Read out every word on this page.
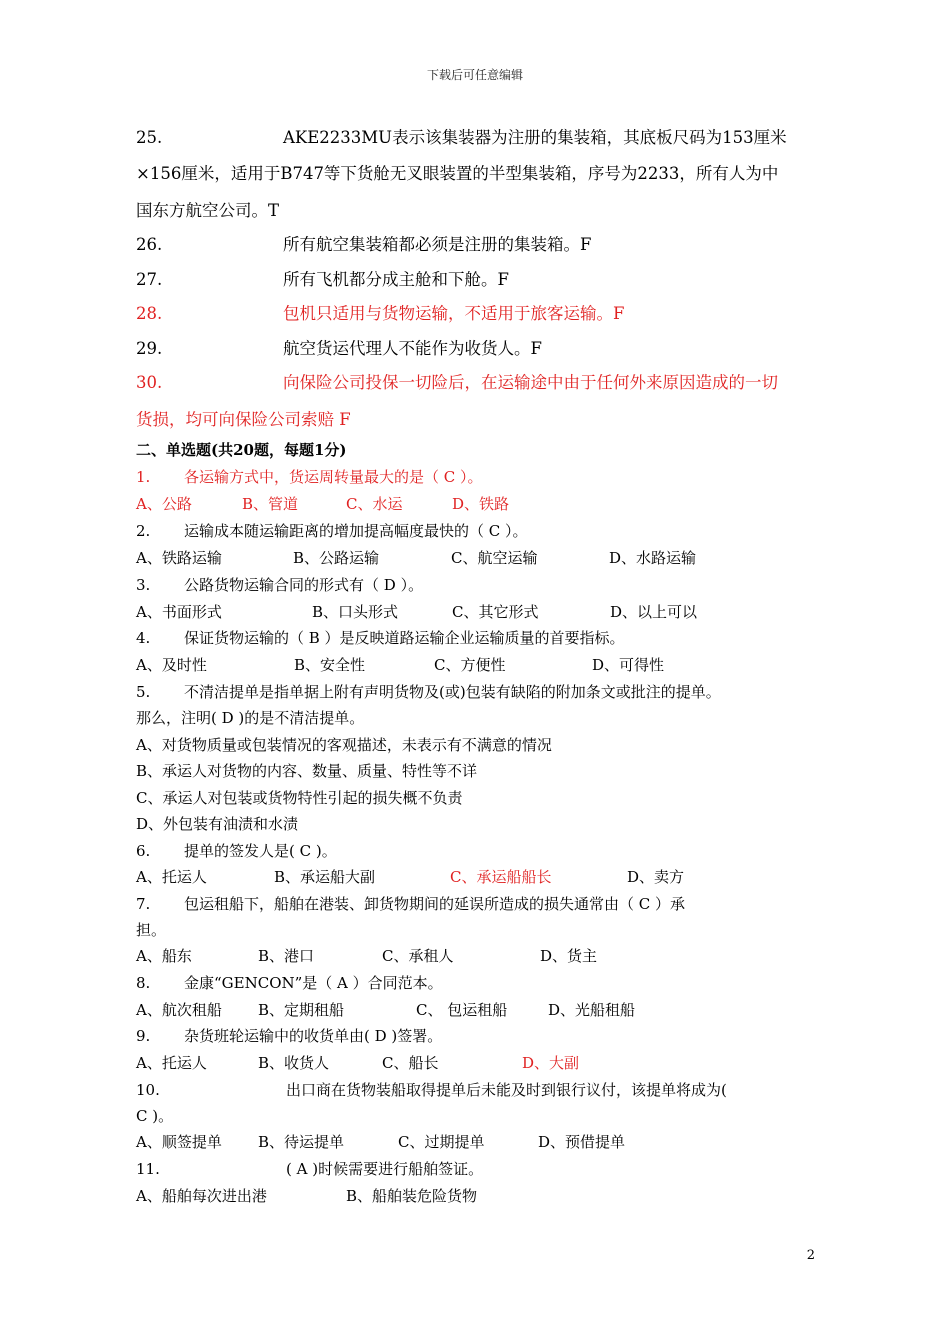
下载后可任意编辑
25.	AKE2233MU表示该集装器为注册的集装箱，其底板尺码为153厘米
×156厘米，适用于B747等下货舱无叉眼装置的半型集装箱，序号为2233，所有人为中
国东方航空公司。T
26.	所有航空集装箱都必须是注册的集装箱。F
27.	所有飞机都分成主舱和下舱。F
28.	包机只适用与货物运输，不适用于旅客运输。F
29.	航空货运代理人不能作为收货人。F
30.	向保险公司投保一切险后，在运输途中由于任何外来原因造成的一切
货损，均可向保险公司索赔 F
二、单选题(共20题，每题1分)
1. 各运输方式中，货运周转量最大的是（ C ）。
A、公路	B、管道	C、水运	D、铁路
2. 运输成本随运输距离的增加提高幅度最快的（ C ）。
A、铁路运输	B、公路运输	C、航空运输	D、水路运输
3. 公路货物运输合同的形式有（ D ）。
A、书面形式	B、口头形式	C、其它形式	D、以上可以
4. 保证货物运输的（ B ）是反映道路运输企业运输质量的首要指标。
A、及时性	B、安全性	C、方便性	D、可得性
5. 不清洁提单是指单据上附有声明货物及(或)包装有缺陷的附加条文或批注的提单。
那么，注明( D )的是不清洁提单。
A、对货物质量或包装情况的客观描述，未表示有不满意的情况
B、承运人对货物的内容、数量、质量、特性等不详
C、承运人对包装或货物特性引起的损失概不负责
D、外包装有油渍和水渍
6. 提单的签发人是( C )。
A、托运人	B、承运船大副	C、承运船船长	D、卖方
7. 包运租船下，船舶在港装、卸货物期间的延误所造成的损失通常由（ C ）承
担。
A、船东	B、港口	C、承租人	D、货主
8. 金康“GENCON”是（ A ）合同范本。
A、航次租船 B、定期租船	C、 包运租船	D、光船租船
9. 杂货班轮运输中的收货单由( D )签署。
A、托运人	B、收货人	C、船长	D、大副
10.	出口商在货物装船取得提单后未能及时到银行议付，该提单将成为(
C )。
A、顺签提单 B、待运提单	C、过期提单	D、预借提单
11.	( A )时候需要进行船舶签证。
A、船舶每次进出港	B、船舶装危险货物
2
